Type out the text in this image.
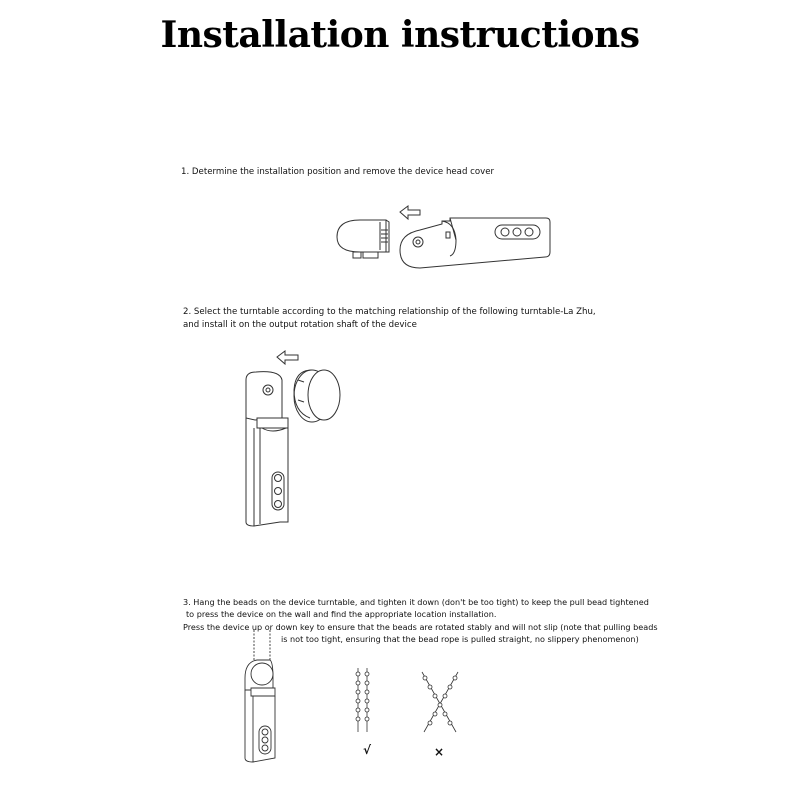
Installation instructions
1. Determine the installation position and remove the device head cover
2. Select the turntable according to the matching relationship of the following turntable-La Zhu,
and install it on the output rotation shaft of the device
3. Hang the beads on the device turntable, and tighten it down (don't be too tight) to keep the pull bead tightened
to press the device on the wall and find the appropriate location installation.
Press the device up or down key to ensure that the beads are rotated stably and will not slip (note that pulling beads
is not too tight, ensuring that the bead rope is pulled straight, no slippery phenomenon)
√	×
